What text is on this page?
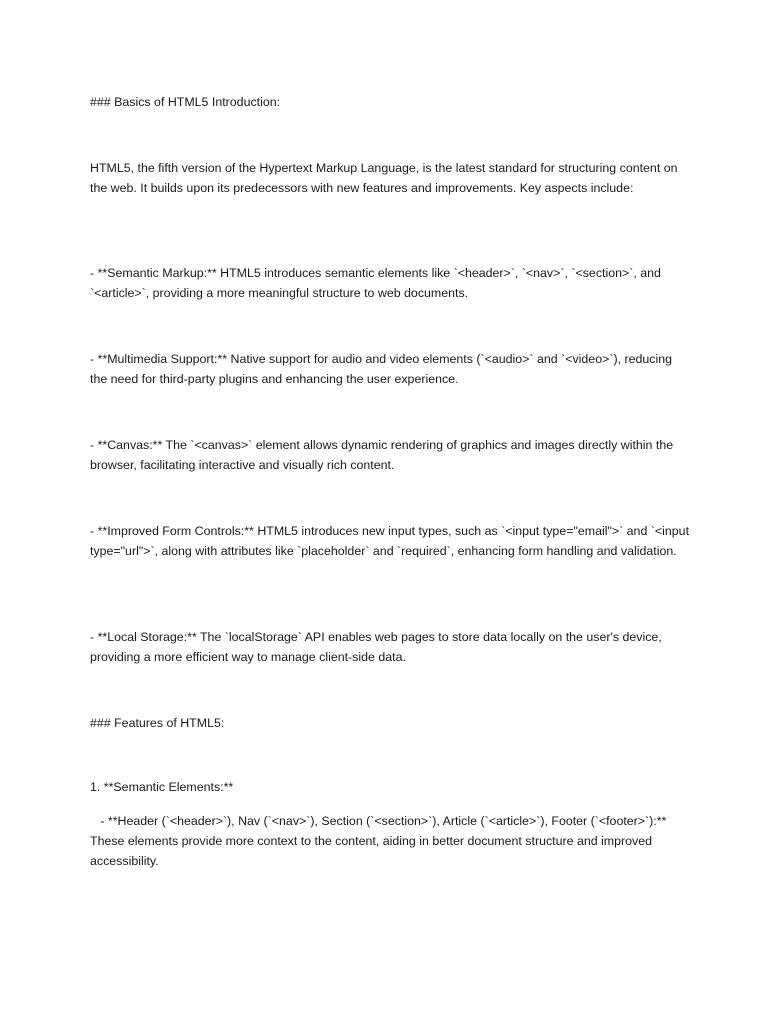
### Basics of HTML5 Introduction:

HTML5, the fifth version of the Hypertext Markup Language, is the latest standard for structuring content on the web. It builds upon its predecessors with new features and improvements. Key aspects include:

- **Semantic Markup:** HTML5 introduces semantic elements like `<header>`, `<nav>`, `<section>`, and `<article>`, providing a more meaningful structure to web documents.

- **Multimedia Support:** Native support for audio and video elements (`<audio>` and `<video>`), reducing the need for third-party plugins and enhancing the user experience.

- **Canvas:** The `<canvas>` element allows dynamic rendering of graphics and images directly within the browser, facilitating interactive and visually rich content.

- **Improved Form Controls:** HTML5 introduces new input types, such as `<input type="email">` and `<input type="url">`, along with attributes like `placeholder` and `required`, enhancing form handling and validation.

- **Local Storage:** The `localStorage` API enables web pages to store data locally on the user's device, providing a more efficient way to manage client-side data.

### Features of HTML5:

1. **Semantic Elements:**

- **Header (`<header>`), Nav (`<nav>`), Section (`<section>`), Article (`<article>`), Footer (`<footer>`):** These elements provide more context to the content, aiding in better document structure and improved accessibility.
